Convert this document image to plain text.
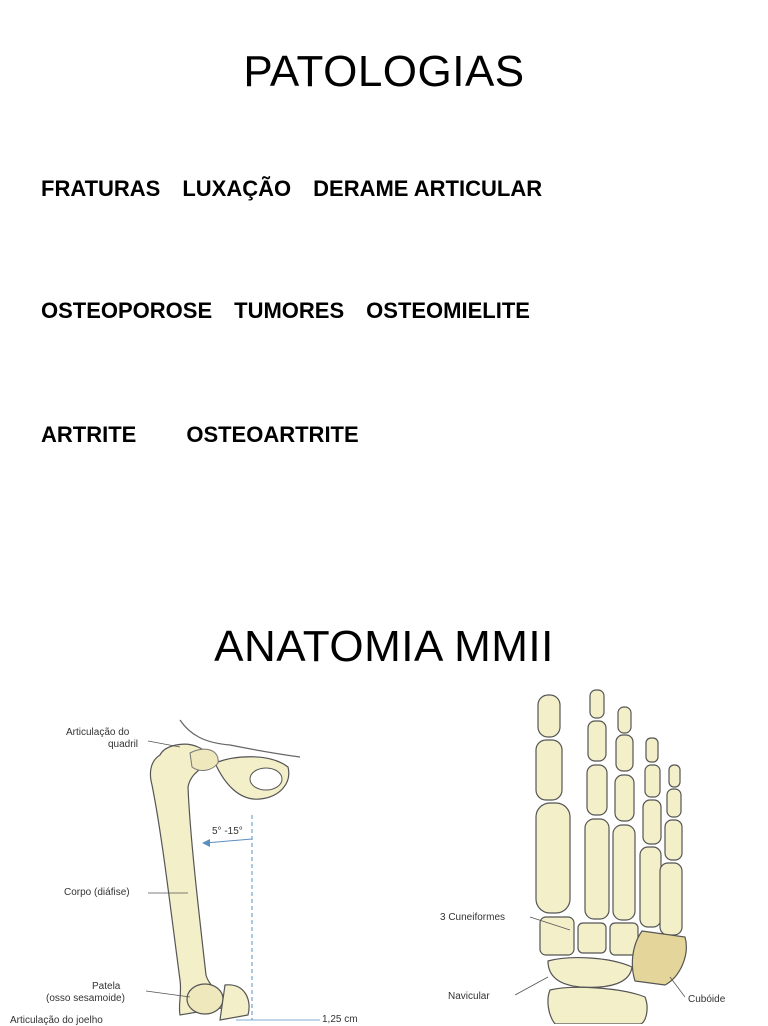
PATOLOGIAS
FRATURAS LUXAÇÃO DERAME ARTICULAR
OSTEOPOROSE TUMORES OSTEOMIELITE
ARTRITE OSTEOARTRITE
ANATOMIA MMII
Articulação do
quadril
5° -15°
Corpo (diáfise)
Patela
(osso sesamoide)
Articulação do joelho	1,25 cm
3 Cuneiformes
Navicular	Cubóide
